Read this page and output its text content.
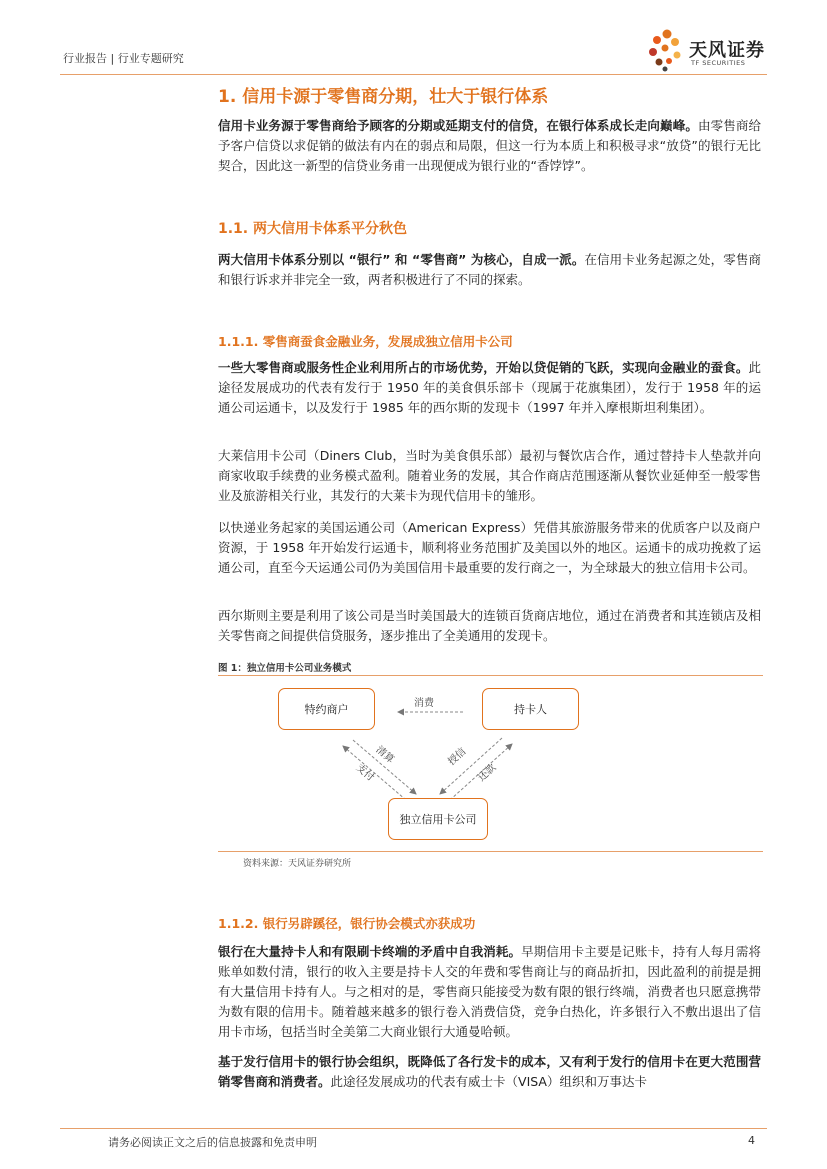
行业报告 | 行业专题研究	天风证券
TF SECURITIES
1. 信用卡源于零售商分期，壮大于银行体系
信用卡业务源于零售商给予顾客的分期或延期支付的信贷，在银行体系成长走向巅峰。由零售商给予客户信贷以求促销的做法有内在的弱点和局限，但这一行为本质上和积极寻求“放贷”的银行无比契合，因此这一新型的信贷业务甫一出现便成为银行业的“香饽饽”。
1.1. 两大信用卡体系平分秋色
两大信用卡体系分别以 “银行” 和 “零售商” 为核心，自成一派。在信用卡业务起源之处，零售商和银行诉求并非完全一致，两者积极进行了不同的探索。
1.1.1. 零售商蚕食金融业务，发展成独立信用卡公司
一些大零售商或服务性企业利用所占的市场优势，开始以贷促销的飞跃，实现向金融业的蚕食。此途径发展成功的代表有发行于 1950 年的美食俱乐部卡（现属于花旗集团），发行于 1958 年的运通公司运通卡，以及发行于 1985 年的西尔斯的发现卡（1997 年并入摩根斯坦利集团）。
大莱信用卡公司（Diners Club，当时为美食俱乐部）最初与餐饮店合作，通过替持卡人垫款并向商家收取手续费的业务模式盈利。随着业务的发展，其合作商店范围逐渐从餐饮业延伸至一般零售业及旅游相关行业，其发行的大莱卡为现代信用卡的雏形。
以快递业务起家的美国运通公司（American Express）凭借其旅游服务带来的优质客户以及商户资源，于 1958 年开始发行运通卡，顺利将业务范围扩及美国以外的地区。运通卡的成功挽救了运通公司，直至今天运通公司仍为美国信用卡最重要的发行商之一，为全球最大的独立信用卡公司。
西尔斯则主要是利用了该公司是当时美国最大的连锁百货商店地位，通过在消费者和其连锁店及相关零售商之间提供信贷服务，逐步推出了全美通用的发现卡。
图 1：独立信用卡公司业务模式
特约商户	持卡人
独立信用卡公司
消费
清算
支付
授信
还款
资料来源：天风证券研究所
1.1.2. 银行另辟蹊径，银行协会模式亦获成功
银行在大量持卡人和有限刷卡终端的矛盾中自我消耗。早期信用卡主要是记账卡，持有人每月需将账单如数付清，银行的收入主要是持卡人交的年费和零售商让与的商品折扣，因此盈利的前提是拥有大量信用卡持有人。与之相对的是，零售商只能接受为数有限的银行终端，消费者也只愿意携带为数有限的信用卡。随着越来越多的银行卷入消费信贷，竞争白热化，许多银行入不敷出退出了信用卡市场，包括当时全美第二大商业银行大通曼哈顿。
基于发行信用卡的银行协会组织，既降低了各行发卡的成本，又有利于发行的信用卡在更大范围营销零售商和消费者。此途径发展成功的代表有威士卡（VISA）组织和万事达卡
请务必阅读正文之后的信息披露和免责申明	4
